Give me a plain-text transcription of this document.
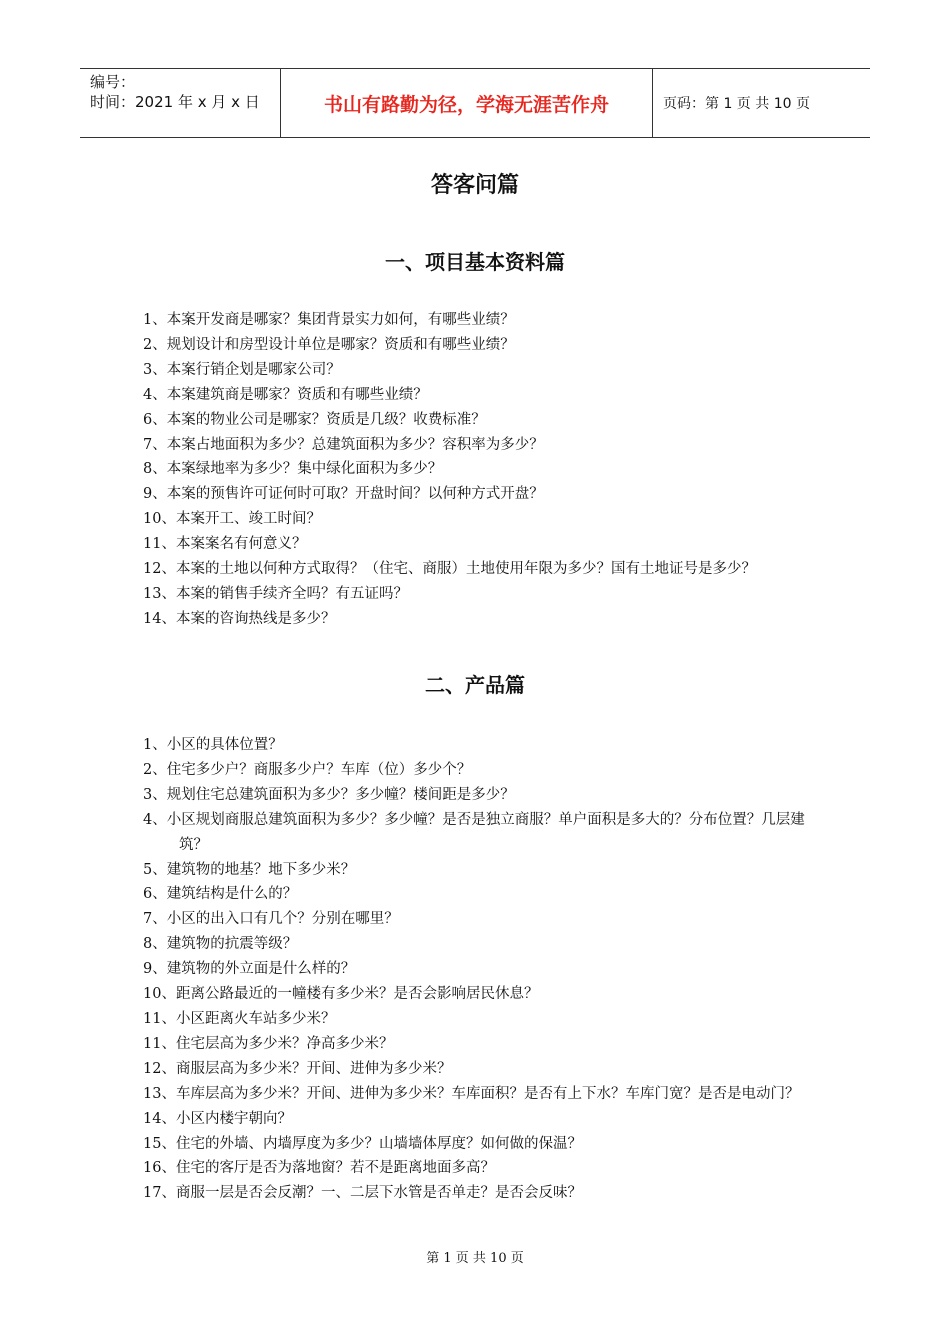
编号：
时间：2021 年 x 月 x 日	书山有路勤为径，学海无涯苦作舟	页码：第 1 页 共 10 页
答客问篇
一、项目基本资料篇
1、本案开发商是哪家？集团背景实力如何，有哪些业绩？
2、规划设计和房型设计单位是哪家？资质和有哪些业绩？
3、本案行销企划是哪家公司？
4、本案建筑商是哪家？资质和有哪些业绩？
6、本案的物业公司是哪家？资质是几级？收费标准？
7、本案占地面积为多少？总建筑面积为多少？容积率为多少？
8、本案绿地率为多少？集中绿化面积为多少？
9、本案的预售许可证何时可取？开盘时间？以何种方式开盘？
10、本案开工、竣工时间？
11、本案案名有何意义？
12、本案的土地以何种方式取得？（住宅、商服）土地使用年限为多少？国有土地证号是多少？
13、本案的销售手续齐全吗？有五证吗？
14、本案的咨询热线是多少？
二、产品篇
1、小区的具体位置？
2、住宅多少户？商服多少户？车库（位）多少个？
3、规划住宅总建筑面积为多少？多少幢？楼间距是多少？
4、小区规划商服总建筑面积为多少？多少幢？是否是独立商服？单户面积是多大的？分布位置？几层建筑？
5、建筑物的地基？地下多少米？
6、建筑结构是什么的？
7、小区的出入口有几个？分别在哪里？
8、建筑物的抗震等级？
9、建筑物的外立面是什么样的？
10、距离公路最近的一幢楼有多少米？是否会影响居民休息？
11、小区距离火车站多少米？
11、住宅层高为多少米？净高多少米？
12、商服层高为多少米？开间、进伸为多少米？
13、车库层高为多少米？开间、进伸为多少米？车库面积？是否有上下水？车库门宽？是否是电动门？
14、小区内楼宇朝向？
15、住宅的外墙、内墙厚度为多少？山墙墙体厚度？如何做的保温？
16、住宅的客厅是否为落地窗？若不是距离地面多高？
17、商服一层是否会反潮？一、二层下水管是否单走？是否会反味？
第 1 页 共 10 页
